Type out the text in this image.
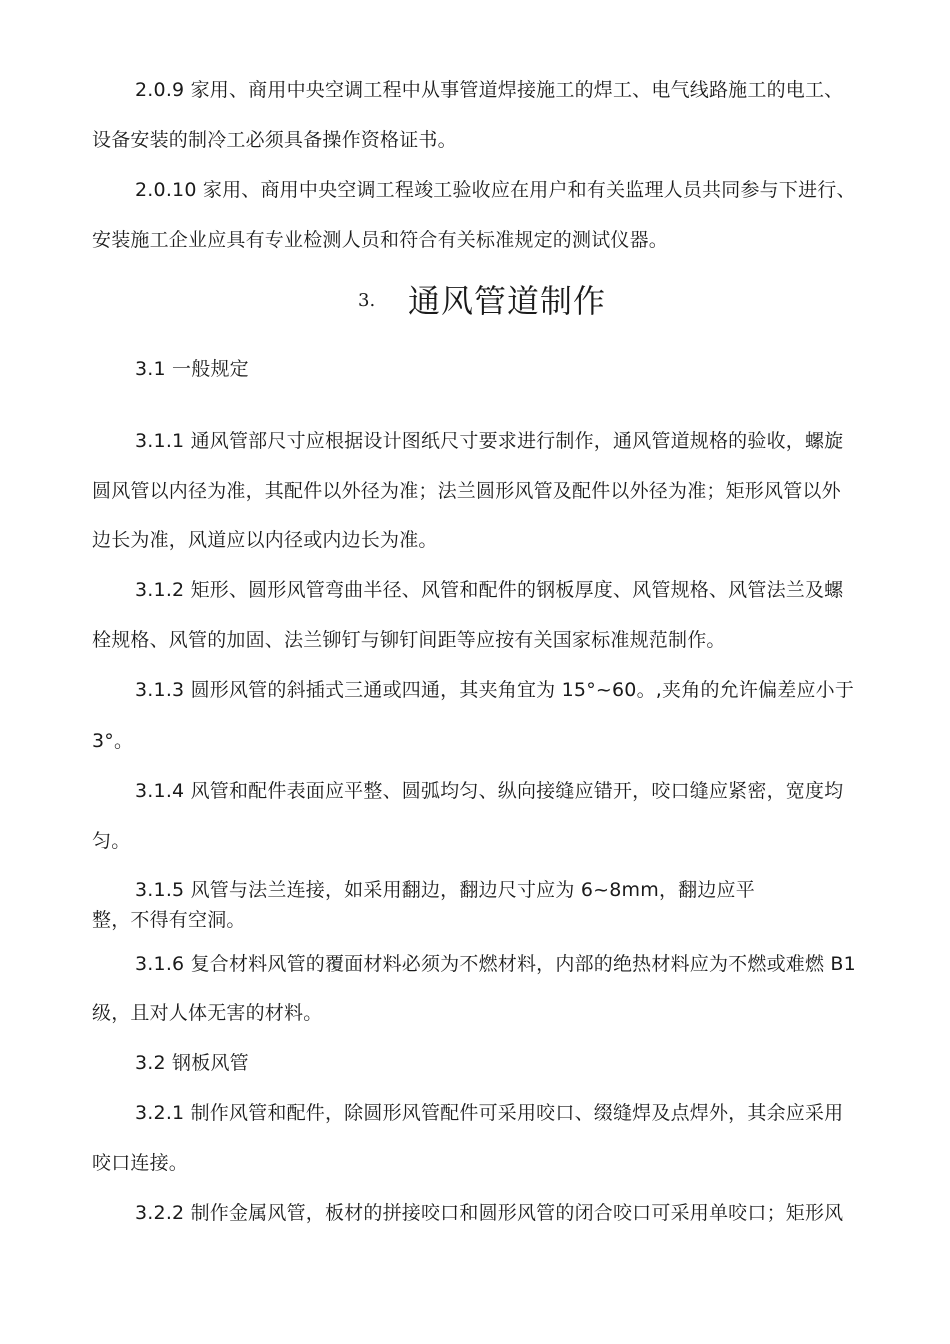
2.0.9 家用、商用中央空调工程中从事管道焊接施工的焊工、电气线路施工的电工、
设备安装的制冷工必须具备操作资格证书。
2.0.10 家用、商用中央空调工程竣工验收应在用户和有关监理人员共同参与下进行、
安装施工企业应具有专业检测人员和符合有关标准规定的测试仪器。
3. 通风管道制作
3.1 一般规定
3.1.1 通风管部尺寸应根据设计图纸尺寸要求进行制作，通风管道规格的验收，螺旋
圆风管以内径为准，其配件以外径为准；法兰圆形风管及配件以外径为准；矩形风管以外
边长为准，风道应以内径或内边长为准。
3.1.2 矩形、圆形风管弯曲半径、风管和配件的钢板厚度、风管规格、风管法兰及螺
栓规格、风管的加固、法兰铆钉与铆钉间距等应按有关国家标准规范制作。
3.1.3 圆形风管的斜插式三通或四通，其夹角宜为 15°~60。,夹角的允许偏差应小于
3°。
3.1.4 风管和配件表面应平整、圆弧均匀、纵向接缝应错开，咬口缝应紧密，宽度均
匀。
3.1.5 风管与法兰连接，如采用翻边，翻边尺寸应为 6~8mm，翻边应平
整，不得有空洞。
3.1.6 复合材料风管的覆面材料必须为不燃材料，内部的绝热材料应为不燃或难燃 B1
级，且对人体无害的材料。
3.2 钢板风管
3.2.1 制作风管和配件，除圆形风管配件可采用咬口、缀缝焊及点焊外，其余应采用
咬口连接。
3.2.2 制作金属风管，板材的拼接咬口和圆形风管的闭合咬口可采用单咬口；矩形风
